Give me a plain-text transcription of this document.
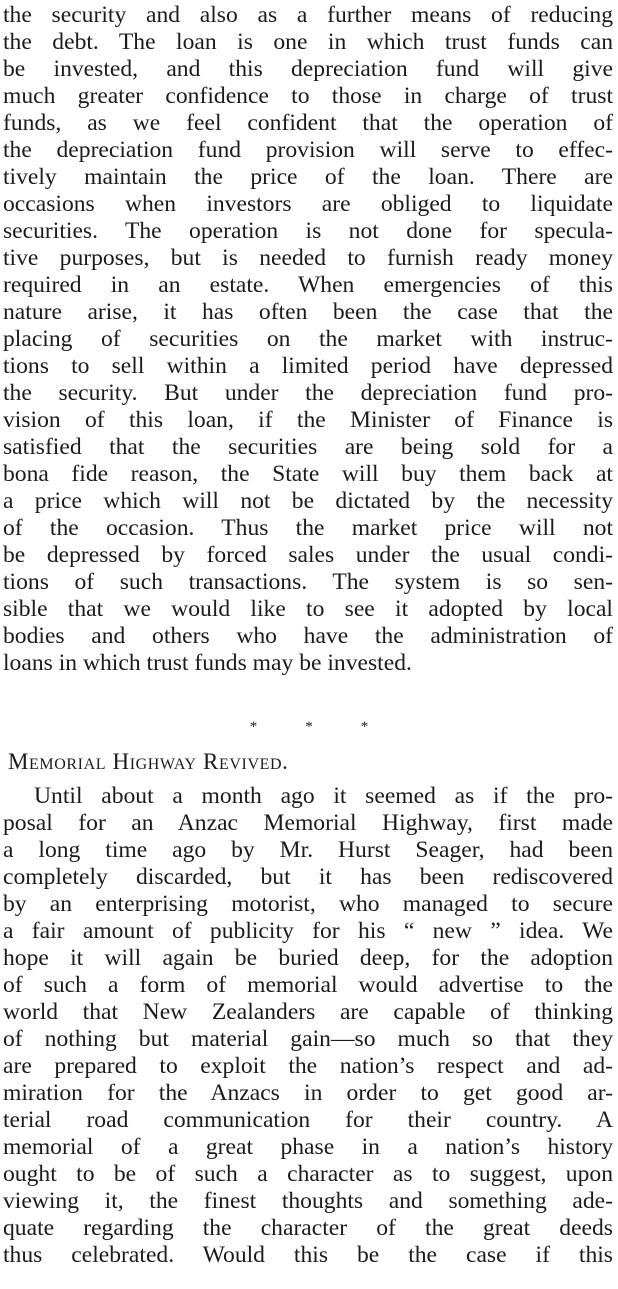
the security and also as a further means of reducing
the debt. The loan is one in which trust funds can
be invested, and this depreciation fund will give
much greater confidence to those in charge of trust
funds, as we feel confident that the operation of
the depreciation fund provision will serve to effec-
tively maintain the price of the loan. There are
occasions when investors are obliged to liquidate
securities. The operation is not done for specula-
tive purposes, but is needed to furnish ready money
required in an estate. When emergencies of this
nature arise, it has often been the case that the
placing of securities on the market with instruc-
tions to sell within a limited period have depressed
the security. But under the depreciation fund pro-
vision of this loan, if the Minister of Finance is
satisfied that the securities are being sold for a
bona fide reason, the State will buy them back at
a price which will not be dictated by the necessity
of the occasion. Thus the market price will not
be depressed by forced sales under the usual condi-
tions of such transactions. The system is so sen-
sible that we would like to see it adopted by local
bodies and others who have the administration of
loans in which trust funds may be invested.
*	*	*
Memorial Highway Revived.
Until about a month ago it seemed as if the pro-
posal for an Anzac Memorial Highway, first made
a long time ago by Mr. Hurst Seager, had been
completely discarded, but it has been rediscovered
by an enterprising motorist, who managed to secure
a fair amount of publicity for his “ new ” idea. We
hope it will again be buried deep, for the adoption
of such a form of memorial would advertise to the
world that New Zealanders are capable of thinking
of nothing but material gain—so much so that they
are prepared to exploit the nation’s respect and ad-
miration for the Anzacs in order to get good ar-
terial road communication for their country. A
memorial of a great phase in a nation’s history
ought to be of such a character as to suggest, upon
viewing it, the finest thoughts and something ade-
quate regarding the character of the great deeds
thus celebrated. Would this be the case if this
